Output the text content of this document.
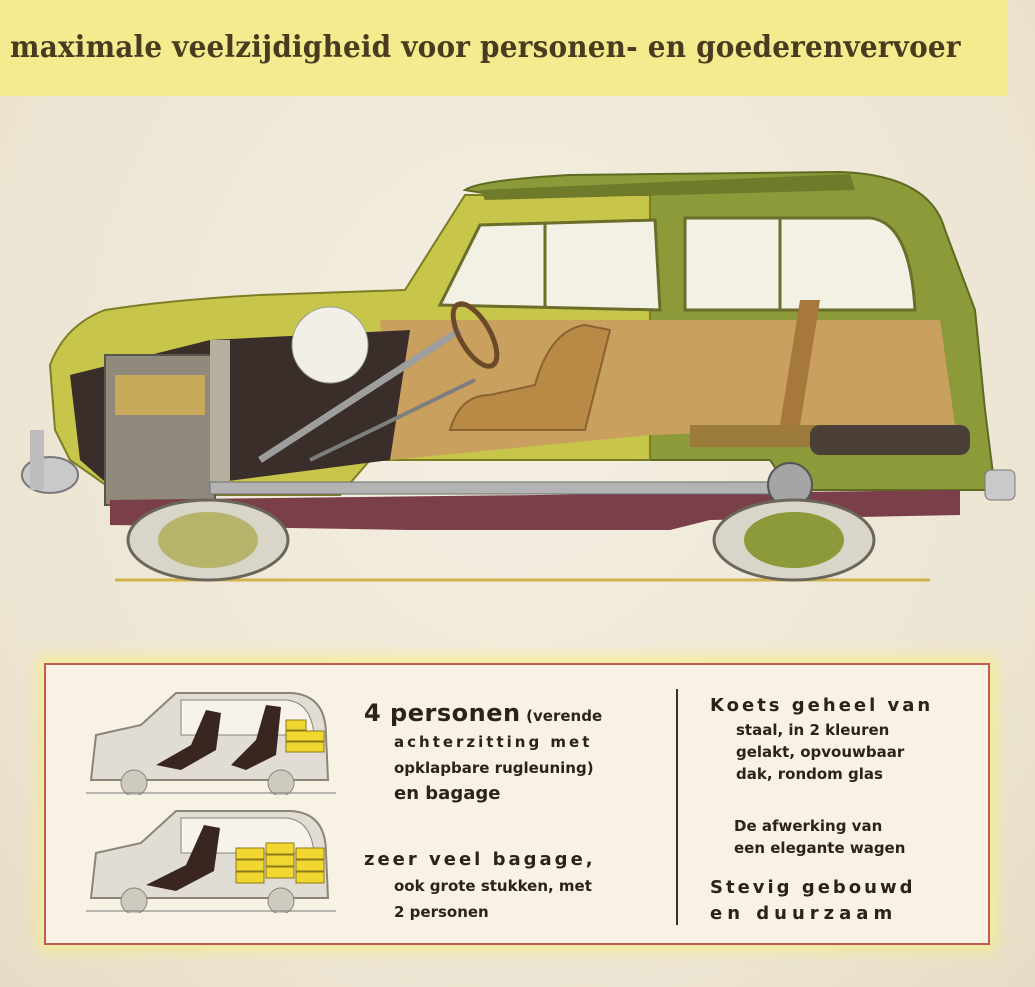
maximale veelzijdigheid voor personen- en goederenvervoer
4 personen (verende
achterzitting met
opklapbare rugleuning)
en bagage
zeer veel bagage,
ook grote stukken, met
2 personen
Koets geheel van
staal, in 2 kleuren
gelakt, opvouwbaar
dak, rondom glas
De afwerking van
een elegante wagen
Stevig gebouwd
en duurzaam
